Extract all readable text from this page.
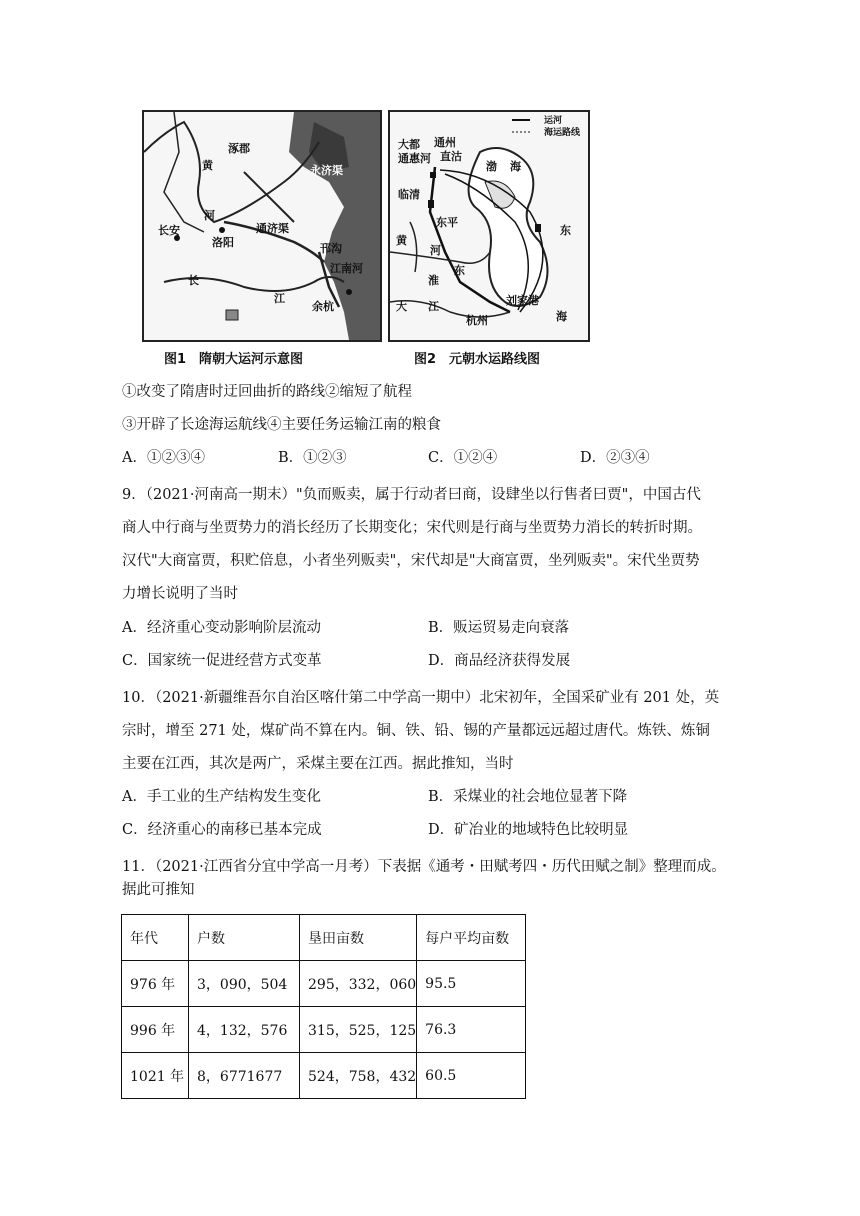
涿郡
黄
河
永济渠
长安
洛阳
通济渠
邗沟
江南河
长
江
余杭
图1　隋朝大运河示意图
运河
海运路线
大都 通州
通惠河 直沽
渤 海
临清
东平
黄
河
东
东
淮
大 江	刘家港
杭州	海
图2　元朝水运路线图
①改变了隋唐时迂回曲折的路线②缩短了航程
③开辟了长途海运航线④主要任务运输江南的粮食
A．①②③④	B．①②③	C．①②④	D．②③④
9．（2021·河南高一期末）"负而贩卖，属于行动者曰商，设肆坐以行售者曰贾"，中国古代
商人中行商与坐贾势力的消长经历了长期变化；宋代则是行商与坐贾势力消长的转折时期。
汉代"大商富贾，积贮倍息，小者坐列贩卖"，宋代却是"大商富贾，坐列贩卖"。宋代坐贾势
力增长说明了当时
A．经济重心变动影响阶层流动	B．贩运贸易走向衰落
C．国家统一促进经营方式变革	D．商品经济获得发展
10．（2021·新疆维吾尔自治区喀什第二中学高一期中）北宋初年，全国采矿业有 201 处，英
宗时，增至 271 处，煤矿尚不算在内。铜、铁、铅、锡的产量都远远超过唐代。炼铁、炼铜
主要在江西，其次是两广，采煤主要在江西。据此推知，当时
A．手工业的生产结构发生变化	B．采煤业的社会地位显著下降
C．经济重心的南移已基本完成	D．矿冶业的地域特色比较明显
11．（2021·江西省分宜中学高一月考）下表据《通考・田赋考四・历代田赋之制》整理而成。
据此可推知
年代	户数	垦田亩数	每户平均亩数
976 年	3，090，504	295，332，060	95.5
996 年	4，132，576	315，525，125	76.3
1021 年	8，6771677	524，758，432	60.5
